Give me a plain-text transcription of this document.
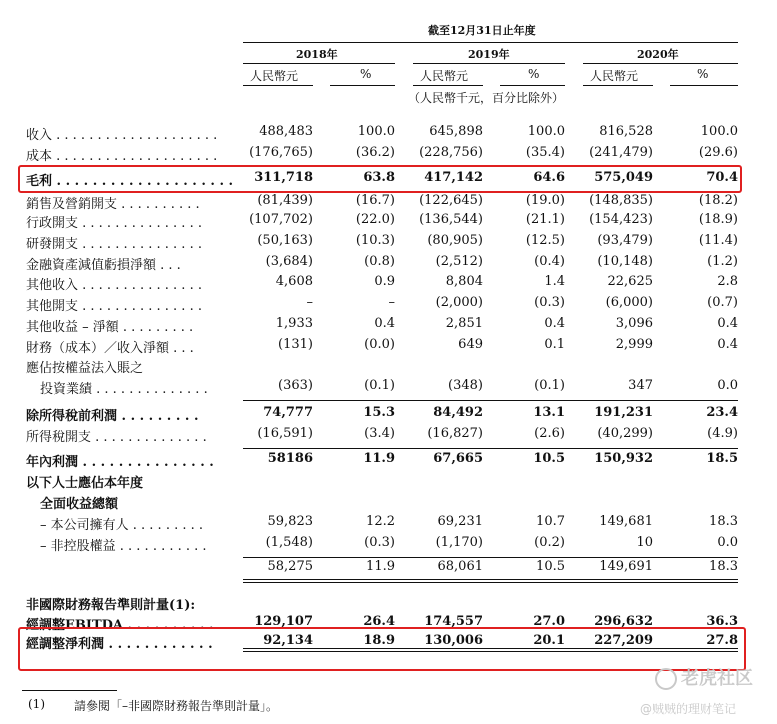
截至12月31日止年度
2018年	2019年	2020年
人民幣元	%	人民幣元	%	人民幣元	%
（人民幣千元，百分比除外）
收入 . . . . . . . . . . . . . . . . . . . .	488,483	100.0	645,898	100.0	816,528	100.0
成本 . . . . . . . . . . . . . . . . . . . . (176,765)	(36.2) (228,756)	(35.4) (241,479)	(29.6)
毛利 . . . . . . . . . . . . . . . . . . . . 311,718	63.8 417,142	64.6 575,049	70.4
銷售及營銷開支 . . . . . . . . . .	(81,439)	(16.7) (122,645)	(19.0) (148,835)	(18.2)
行政開支 . . . . . . . . . . . . . . .	(107,702)	(22.0) (136,544)	(21.1) (154,423)	(18.9)
研發開支 . . . . . . . . . . . . . . .	(50,163)	(10.3) (80,905)	(12.5) (93,479)	(11.4)
金融資產減值虧損淨額 . . .	(3,684)	(0.8)	(2,512)	(0.4) (10,148)	(1.2)
其他收入 . . . . . . . . . . . . . . .	4,608	0.9	8,804	1.4	22,625	2.8
其他開支 . . . . . . . . . . . . . . .	–	–	(2,000)	(0.3)	(6,000)	(0.7)
其他收益 – 淨額 . . . . . . . . .	1,933	0.4	2,851	0.4	3,096	0.4
財務（成本）／收入淨額 . . .	(131)	(0.0)	649	0.1	2,999	0.4
應佔按權益法入賬之
投資業績 . . . . . . . . . . . . . .	(363)	(0.1)	(348)	(0.1)	347	0.0
除所得稅前利潤 . . . . . . . . .	74,777	15.3	84,492	13.1 191,231	23.4
所得稅開支 . . . . . . . . . . . . . .	(16,591)	(3.4) (16,827)	(2.6) (40,299)	(4.9)
年內利潤 . . . . . . . . . . . . . . .	58186	11.9	67,665	10.5 150,932	18.5
以下人士應佔本年度
全面收益總額
– 本公司擁有人 . . . . . . . . .	59,823	12.2	69,231	10.7	149,681	18.3
– 非控股權益 . . . . . . . . . . .	(1,548)	(0.3)	(1,170)	(0.2)	10	0.0
58,275	11.9	68,061	10.5	149,691	18.3
非國際財務報告準則計量(1):
經調整EBITDA . . . . . . . . . .	129,107	26.4 174,557	27.0 296,632	36.3
經調整淨利潤 . . . . . . . . . . . .	92,134	18.9 130,006	20.1 227,209	27.8
(1) 請參閱「–非國際財務報告準則計量」。
老虎社区
@贼贼的理财笔记
